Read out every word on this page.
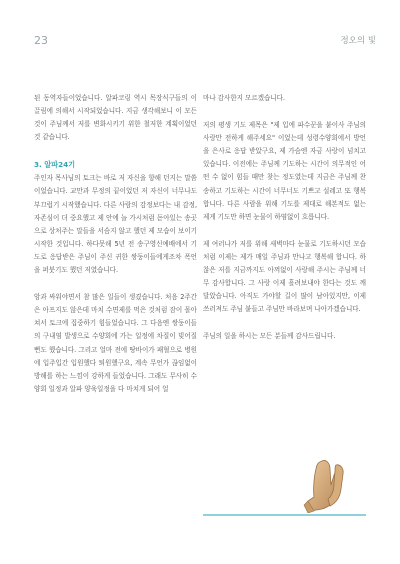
23	정오의 빛

된 동역자들이었습니다. 알파코링 역시 목장식구들의 이끌림에 의해서 시작되었습니다. 지금 생각해보니 이 모든 것이 주님께서 저를 변화시키기 위한 철저한 계획이었던 것 같습니다.

3. 알파24기

주인자 목사님의 토크는 바로 저 자신을 향해 던지는 말씀이었습니다. 교만과 무정의 끝이었던 저 자신이 너무나도 부끄럽기 시작했습니다. 다른 사람의 감정보다는 내 감정, 자존심이 더 중요했고 제 안에 늘 가시처럼 돋아있는 송곳으로 상처주는 말들을 서슴지 않고 했던 제 모습이 보이기 시작한 것입니다. 하다못해 5년 전 송구영신예배에서 기도로 응답받은 주님이 주신 귀한 쌍둥이들에게조차 폭언을 퍼붓기도 했던 저였습니다.

암과 싸워야면서 참 많은 일들이 생겼습니다. 처음 2주간은 아프지도 않은데 마치 수면제를 먹은 것처럼 잠이 몰아쳐서 토크에 집중하기 힘들었습니다. 그 다음엔 쌍둥이들의 구내염 발생으로 수양회에 가는 일정에 차질이 빚어질 뻔도 했습니다. 그리고 얼마 전에 땅바이가 패혈으로 병원에 입주입간 입원했다 퇴원했구요, 계속 무언가 끊임없이 방해를 하는 느낌이 강하게 들었습니다. 그래도 무사히 수양회 일정과 알파 양육일정을 다 마치게 되어 얼

마나 감사한지 모르겠습니다.

저의 평생 기도 제목은 "제 입에 파수꾼을 붙이사 주님의 사랑만 전하게 해주세요" 이었는데 성령수양회에서 방언을 은사로 응답 받았구요, 제 가슴엔 자금 사랑이 넘치고 있습니다. 이전에는 주님께 기도하는 시간이 의무적인 어떤 수 없이 힘들 때만 찾는 정도였는데 지금은 주님께 찬송하고 기도하는 시간이 너무너도 기쁘고 설레고 또 행복합니다. 다른 사람을 위해 기도를 제대로 해본적도 없는 제게 기도만 하면 눈물이 하염없이 흐릅니다.

제 여러나가 저를 위해 새벽마다 눈물로 기도하시던 모습처럼 이제는 제가 매일 주님과 만나고 행복해 합니다. 하찮은 저를 지금까지도 아껴없이 사랑해 주시는 주님께 너무 감사합니다. 그 사랑 이제 흘려보내야 한다는 것도 깨달았습니다. 아직도 가야할 길이 많이 남아있지만, 이제 쓰러져도 주님 붙들고 주님만 바라보며 나아가겠습니다.

주님의 일을 하시는 모든 분들께 감사드립니다.
